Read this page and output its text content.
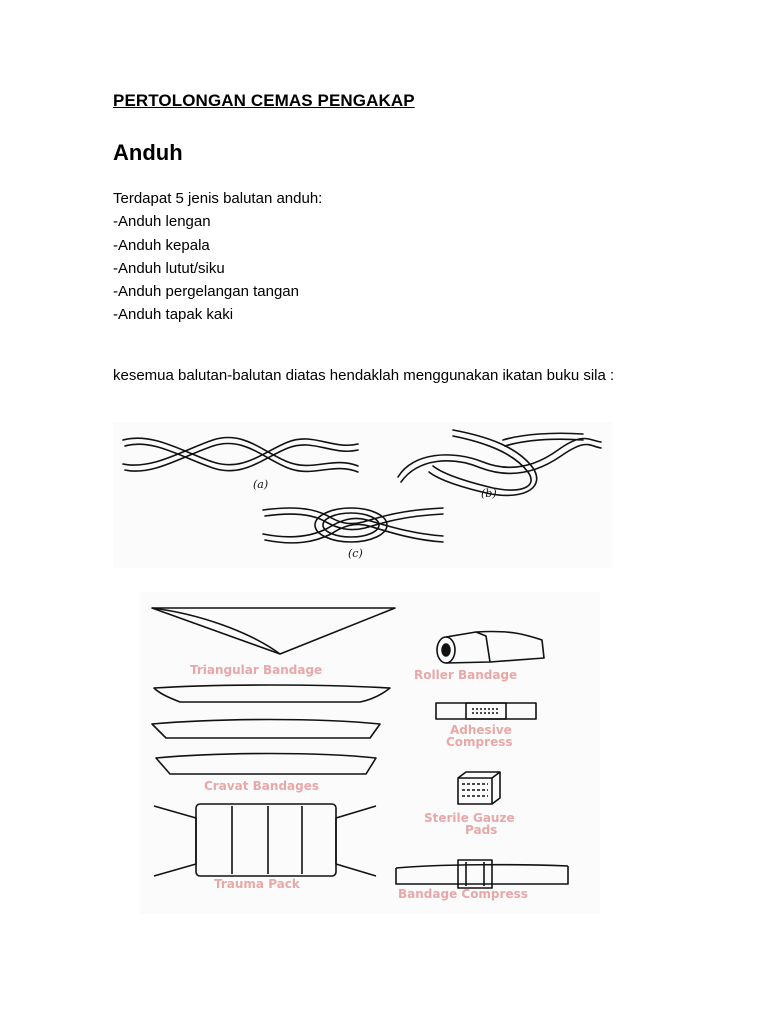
PERTOLONGAN CEMAS PENGAKAP
Anduh
Terdapat 5 jenis balutan anduh:
-Anduh lengan
-Anduh kepala
-Anduh lutut/siku
-Anduh pergelangan tangan
-Anduh tapak kaki
kesemua balutan-balutan diatas hendaklah menggunakan ikatan buku sila :
(a)
(b)
(c)
Triangular Bandage
Cravat Bandages
Trauma Pack
Roller Bandage
Adhesive
Compress
Sterile Gauze
Pads
Bandage Compress
